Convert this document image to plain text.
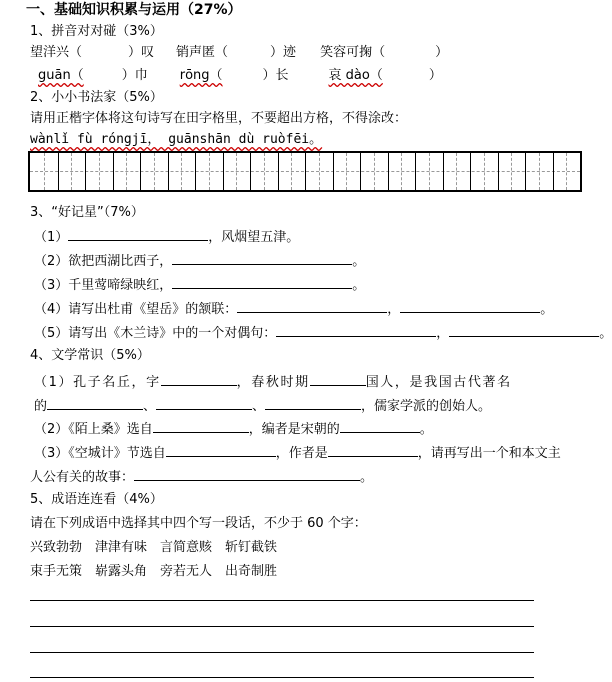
一、基础知识积累与运用（27%）
1、拼音对对碰（3%）
望洋兴（	）叹 销声匿（	）迹 笑容可掬（	）
guān（	）巾 rōng（	）长	哀 dào（	）
2、小小书法家（5%）
请用正楷字体将这句诗写在田字格里，不要超出方格，不得涂改：
wànlǐ fù róngjī， guānshān dù ruòfēi。
3、“好记星”（7%）
（1）	，风烟望五津。
（2）欲把西湖比西子，	。
（3）千里莺啼绿映红，	。
（4）请写出杜甫《望岳》的颔联：	，	。
（5）请写出《木兰诗》中的一个对偶句：	，	。
4、文学常识（5%）
（1）孔子名丘，字	，春秋时期	国人，是我国古代著名
的	、	、	，儒家学派的创始人。
（2）《陌上桑》选自	，编者是宋朝的	。
（3）《空城计》节选自	，作者是	，请再写出一个和本文主
人公有关的故事：	。
5、成语连连看（4%）
请在下列成语中选择其中四个写一段话，不少于 60 个字：
兴致勃勃 津津有味 言简意赅 斩钉截铁
束手无策 崭露头角 旁若无人 出奇制胜
